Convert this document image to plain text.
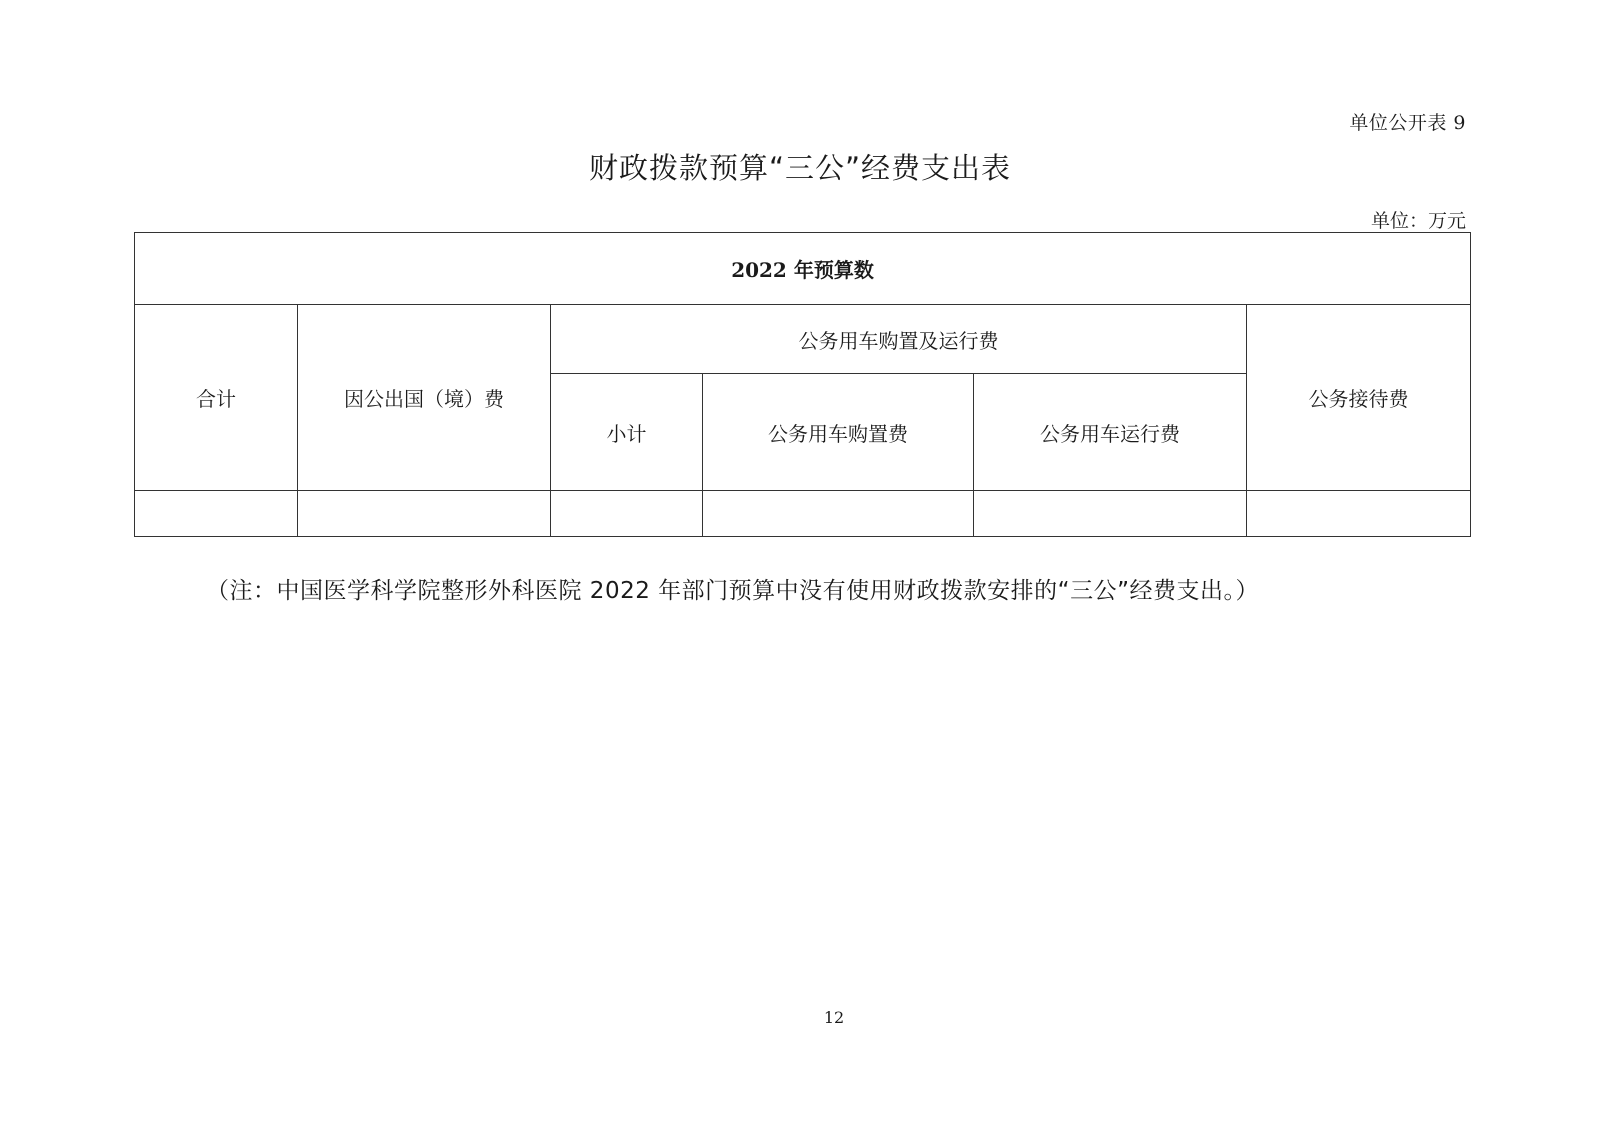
单位公开表 9
财政拨款预算“三公”经费支出表
单位：万元
2022 年预算数					
合计	因公出国（境）费	公务用车购置及运行费			公务接待费
		小计	公务用车购置费	公务用车运行费	

（注：中国医学科学院整形外科医院 2022 年部门预算中没有使用财政拨款安排的“三公”经费支出。）
12
